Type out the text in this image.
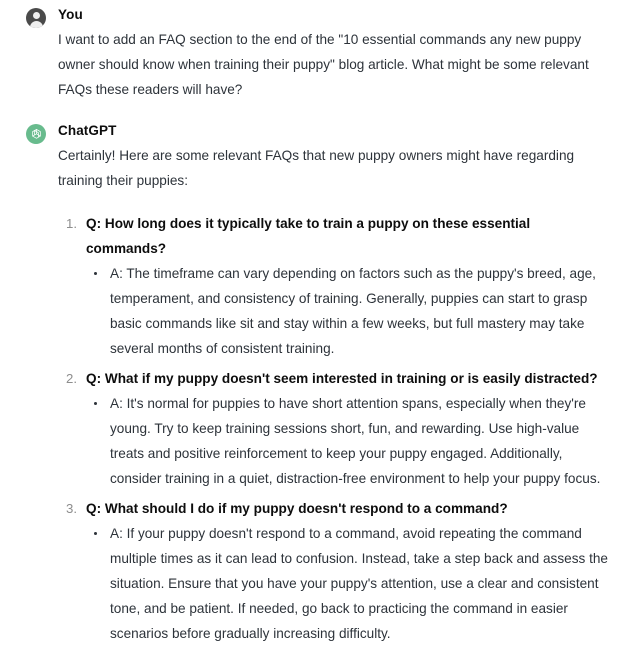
You

I want to add an FAQ section to the end of the "10 essential commands any new puppy owner should know when training their puppy" blog article. What might be some relevant FAQs these readers will have?

ChatGPT

Certainly! Here are some relevant FAQs that new puppy owners might have regarding training their puppies:

Q: How long does it typically take to train a puppy on these essential commands?

A: The timeframe can vary depending on factors such as the puppy's breed, age, temperament, and consistency of training. Generally, puppies can start to grasp basic commands like sit and stay within a few weeks, but full mastery may take several months of consistent training.

Q: What if my puppy doesn't seem interested in training or is easily distracted?

A: It's normal for puppies to have short attention spans, especially when they're young. Try to keep training sessions short, fun, and rewarding. Use high-value treats and positive reinforcement to keep your puppy engaged. Additionally, consider training in a quiet, distraction-free environment to help your puppy focus.

Q: What should I do if my puppy doesn't respond to a command?

A: If your puppy doesn't respond to a command, avoid repeating the command multiple times as it can lead to confusion. Instead, take a step back and assess the situation. Ensure that you have your puppy's attention, use a clear and consistent tone, and be patient. If needed, go back to practicing the command in easier scenarios before gradually increasing difficulty.
